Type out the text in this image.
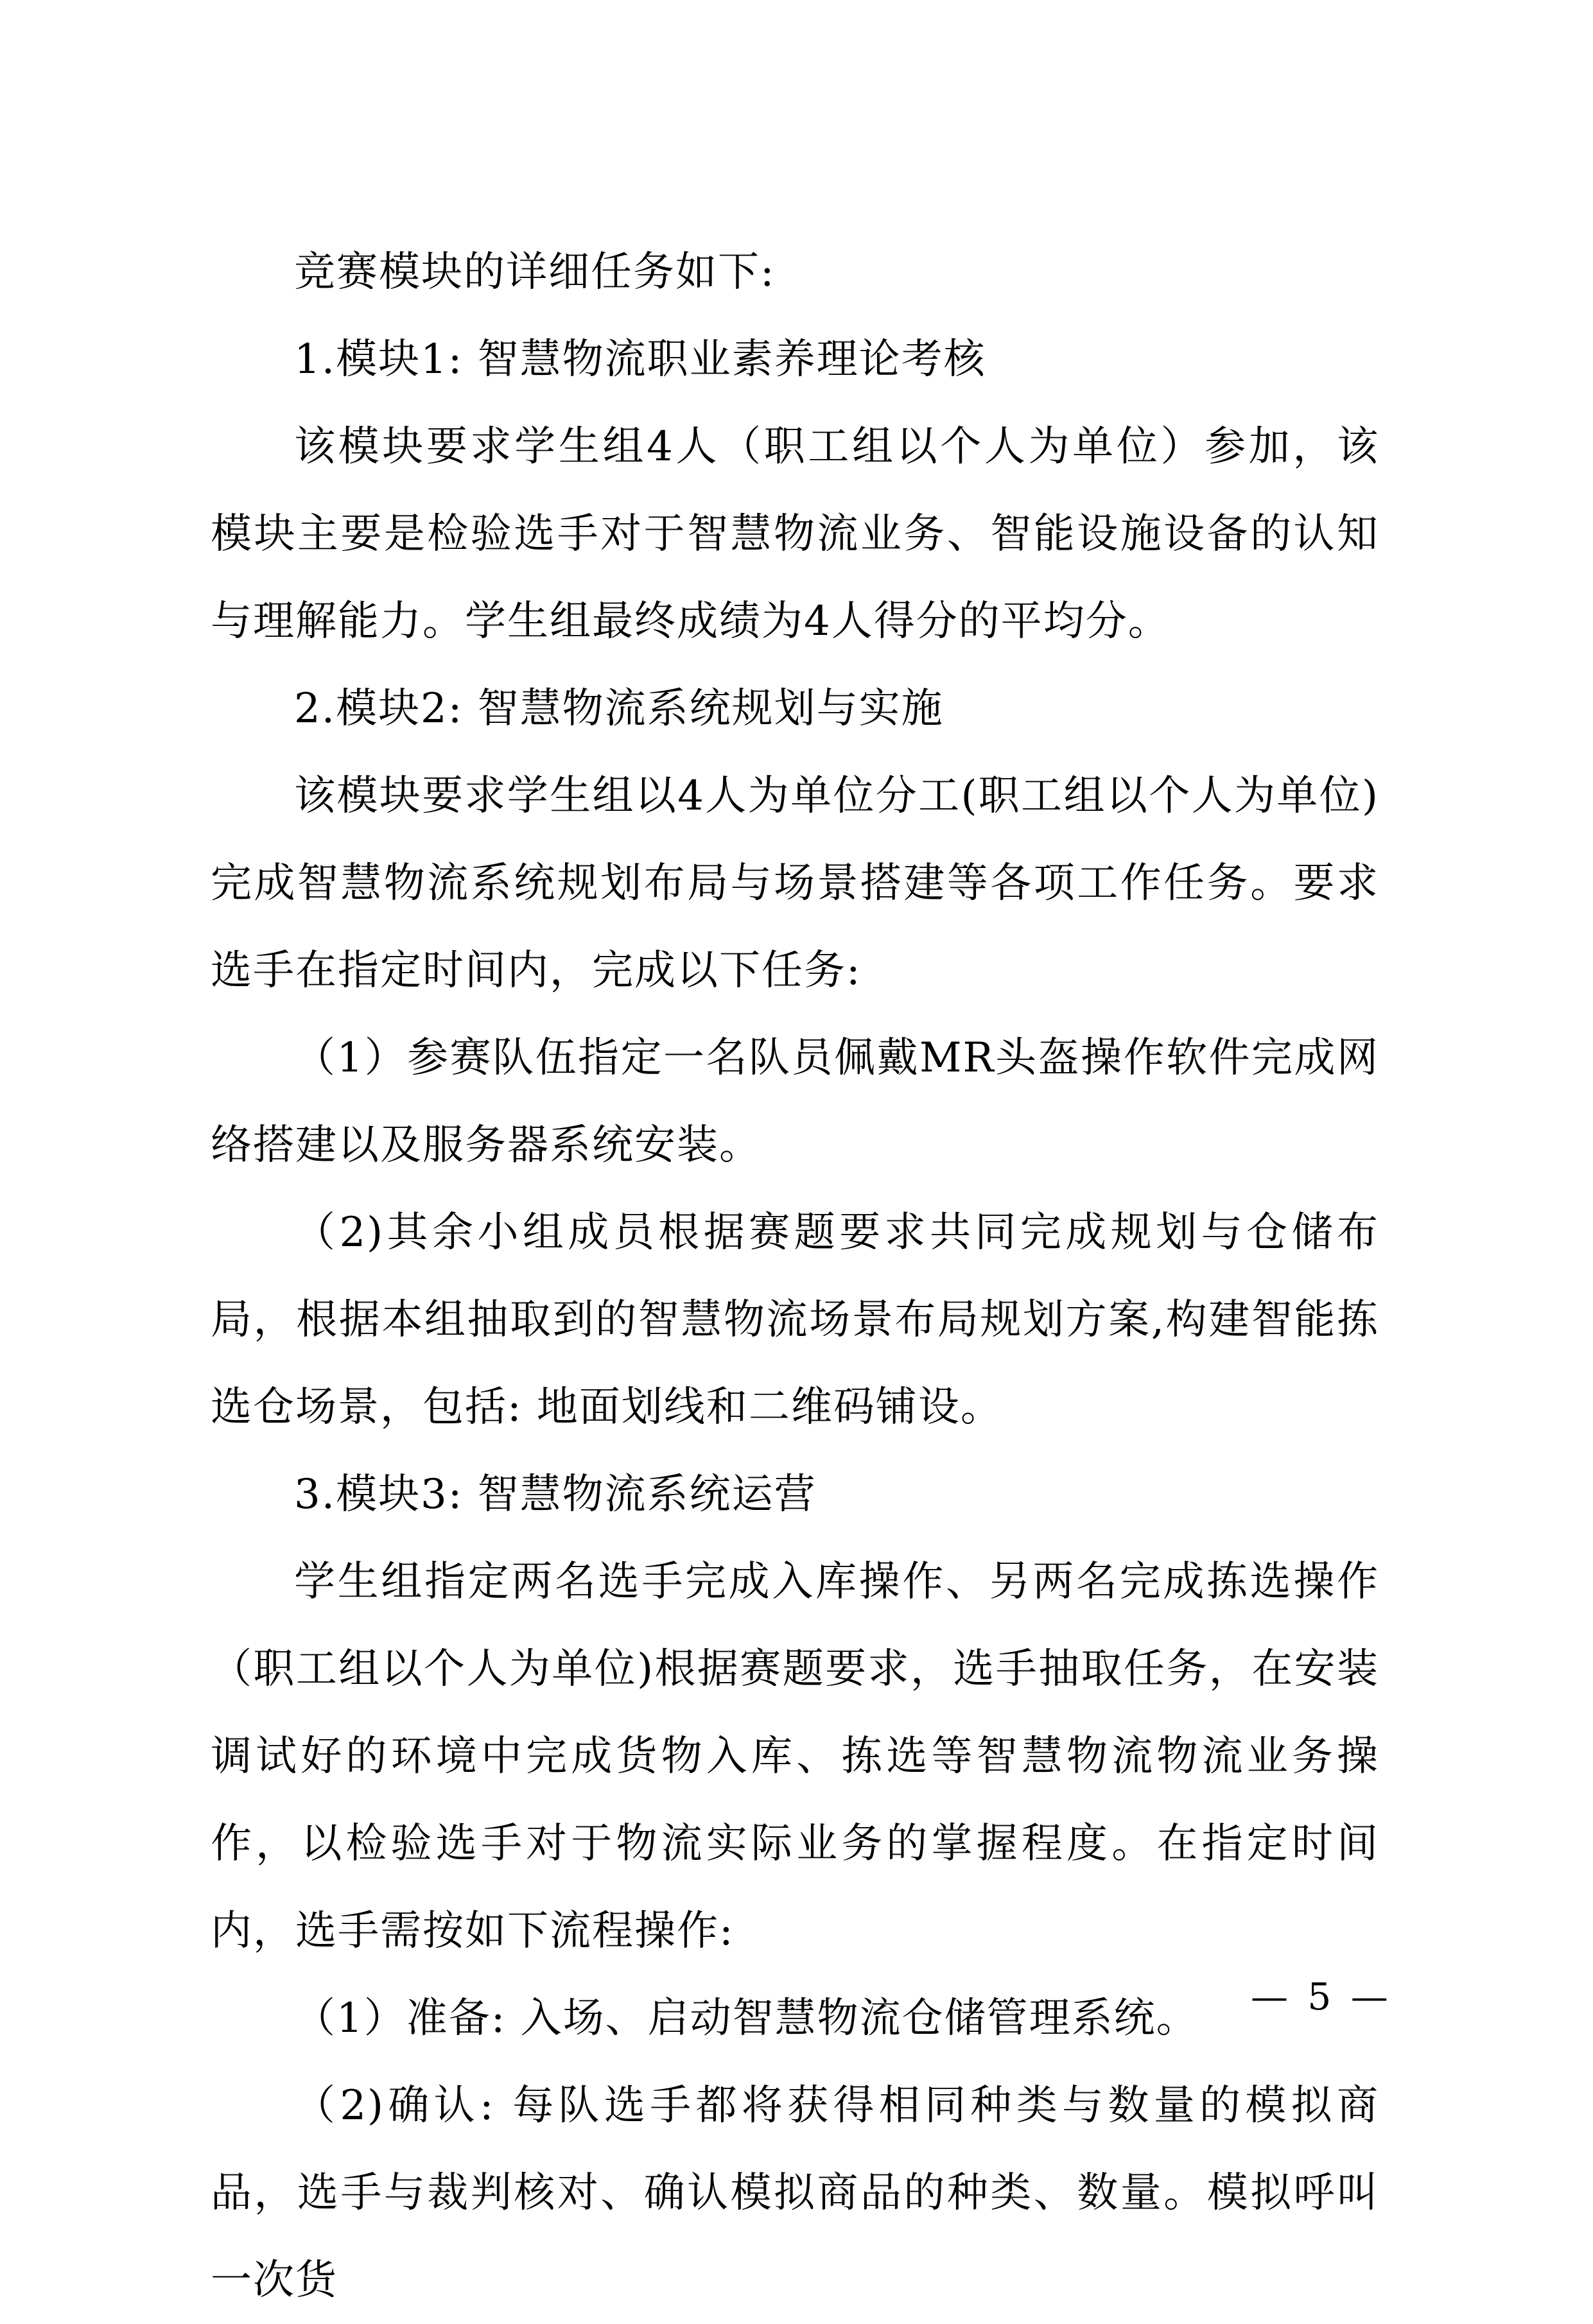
竞赛模块的详细任务如下:

1.模块1: 智慧物流职业素养理论考核

该模块要求学生组4人（职工组以个人为单位）参加，该模块主要是检验选手对于智慧物流业务、智能设施设备的认知与理解能力。学生组最终成绩为4人得分的平均分。

2.模块2: 智慧物流系统规划与实施

该模块要求学生组以4人为单位分工(职工组以个人为单位)完成智慧物流系统规划布局与场景搭建等各项工作任务。要求选手在指定时间内，完成以下任务:

（1）参赛队伍指定一名队员佩戴MR头盔操作软件完成网络搭建以及服务器系统安装。

（2)其余小组成员根据赛题要求共同完成规划与仓储布局，根据本组抽取到的智慧物流场景布局规划方案,构建智能拣选仓场景，包括: 地面划线和二维码铺设。

3.模块3: 智慧物流系统运营

学生组指定两名选手完成入库操作、另两名完成拣选操作（职工组以个人为单位)根据赛题要求，选手抽取任务，在安装调试好的环境中完成货物入库、拣选等智慧物流物流业务操作，以检验选手对于物流实际业务的掌握程度。在指定时间内，选手需按如下流程操作:

（1）准备: 入场、启动智慧物流仓储管理系统。

（2)确认: 每队选手都将获得相同种类与数量的模拟商品，选手与裁判核对、确认模拟商品的种类、数量。模拟呼叫一次货

— 5 —
